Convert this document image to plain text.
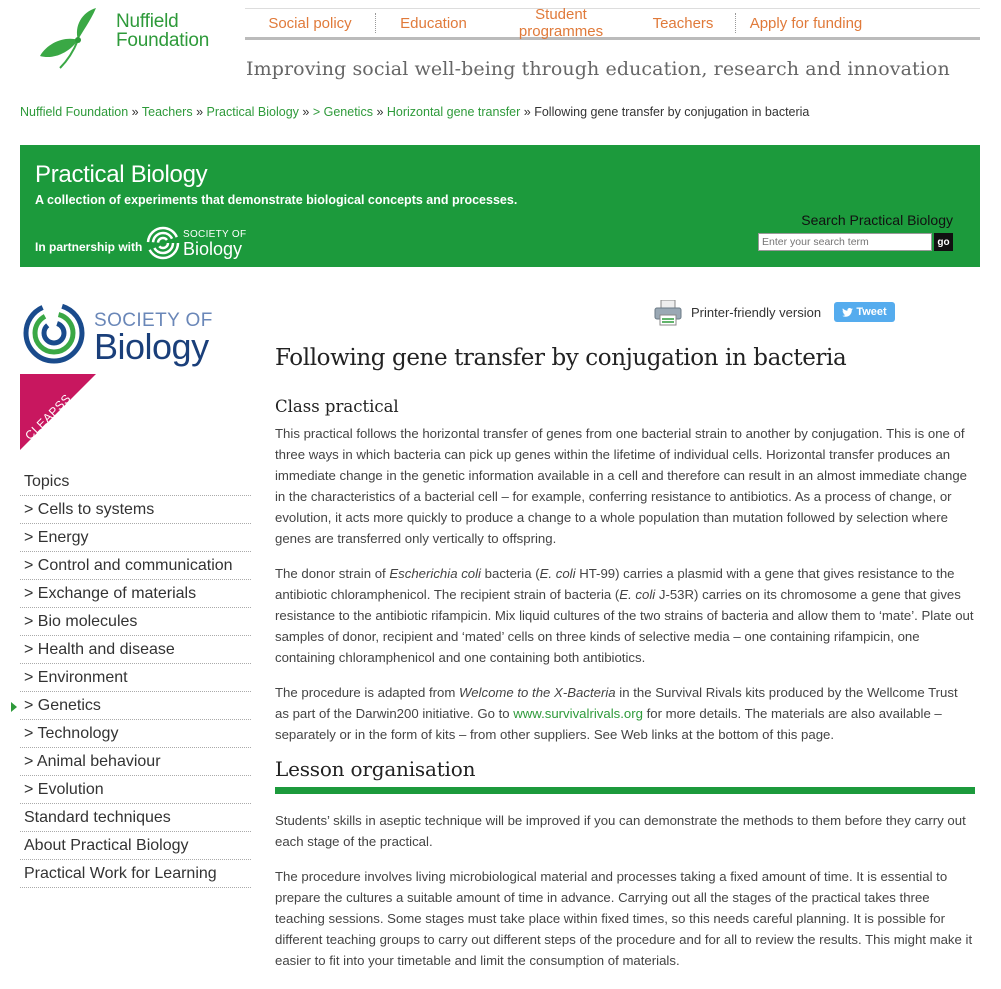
Nuffield
Foundation
Social policy	Education	Student programmes	Teachers	Apply for funding
Improving social well-being through education, research and innovation
Nuffield Foundation » Teachers » Practical Biology » > Genetics » Horizontal gene transfer » Following gene transfer by conjugation in bacteria
Practical Biology
A collection of experiments that demonstrate biological concepts and processes.
In partnership with
SOCIETY OF
Biology
Search Practical Biology
Enter your search term
go
SOCIETY OF
Biology
CLEAPSS
Topics
> Cells to systems
> Energy
> Control and communication
> Exchange of materials
> Bio molecules
> Health and disease
> Environment
> Genetics
> Technology
> Animal behaviour
> Evolution
Standard techniques
About Practical Biology
Practical Work for Learning
Printer-friendly version	Tweet
Following gene transfer by conjugation in bacteria
Class practical

This practical follows the horizontal transfer of genes from one bacterial strain to another by conjugation. This is one of three ways in which bacteria can pick up genes within the lifetime of individual cells. Horizontal transfer produces an immediate change in the genetic information available in a cell and therefore can result in an almost immediate change in the characteristics of a bacterial cell – for example, conferring resistance to antibiotics. As a process of change, or evolution, it acts more quickly to produce a change to a whole population than mutation followed by selection where genes are transferred only vertically to offspring.

The donor strain of Escherichia coli bacteria (E. coli HT-99) carries a plasmid with a gene that gives resistance to the antibiotic chloramphenicol. The recipient strain of bacteria (E. coli J-53R) carries on its chromosome a gene that gives resistance to the antibiotic rifampicin. Mix liquid cultures of the two strains of bacteria and allow them to ‘mate’. Plate out samples of donor, recipient and ‘mated’ cells on three kinds of selective media – one containing rifampicin, one containing chloramphenicol and one containing both antibiotics.

The procedure is adapted from Welcome to the X-Bacteria in the Survival Rivals kits produced by the Wellcome Trust as part of the Darwin200 initiative. Go to www.survivalrivals.org for more details. The materials are also available – separately or in the form of kits – from other suppliers. See Web links at the bottom of this page.

Lesson organisation

Students’ skills in aseptic technique will be improved if you can demonstrate the methods to them before they carry out each stage of the practical.

The procedure involves living microbiological material and processes taking a fixed amount of time. It is essential to prepare the cultures a suitable amount of time in advance. Carrying out all the stages of the practical takes three teaching sessions. Some stages must take place within fixed times, so this needs careful planning. It is possible for different teaching groups to carry out different steps of the procedure and for all to review the results. This might make it easier to fit into your timetable and limit the consumption of materials.
